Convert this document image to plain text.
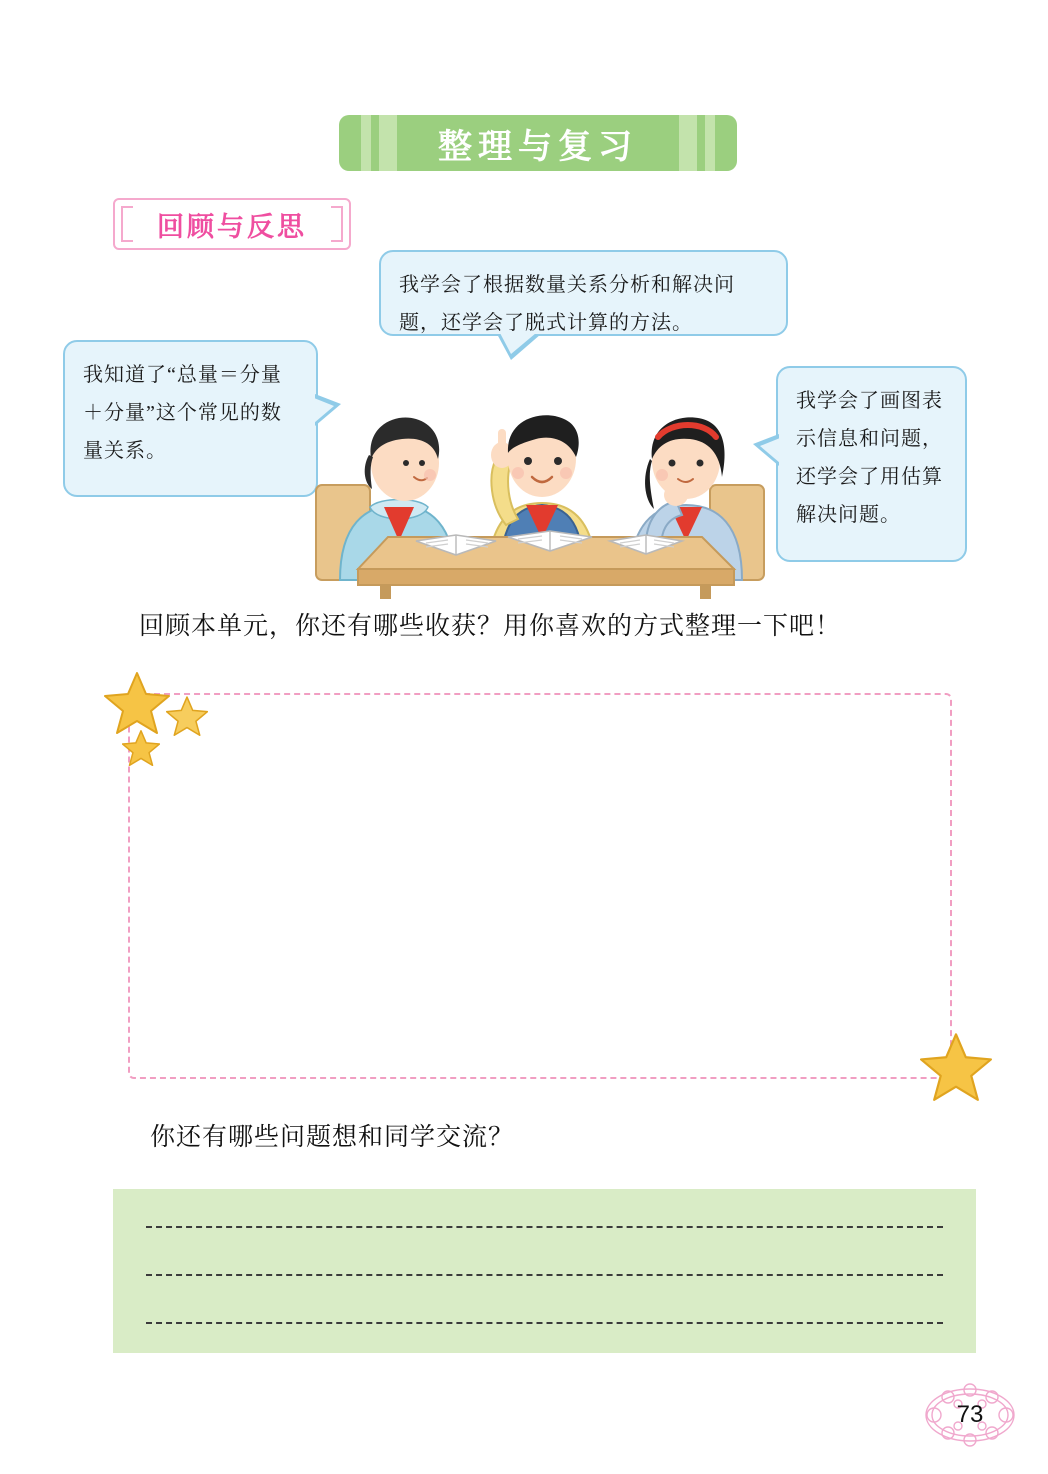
整理与复习
回顾与反思
我学会了根据数量关系分析和解决问题，还学会了脱式计算的方法。
我知道了“总量＝分量＋分量”这个常见的数量关系。
我学会了画图表示信息和问题，还学会了用估算解决问题。
回顾本单元，你还有哪些收获？用你喜欢的方式整理一下吧！
你还有哪些问题想和同学交流？
73
